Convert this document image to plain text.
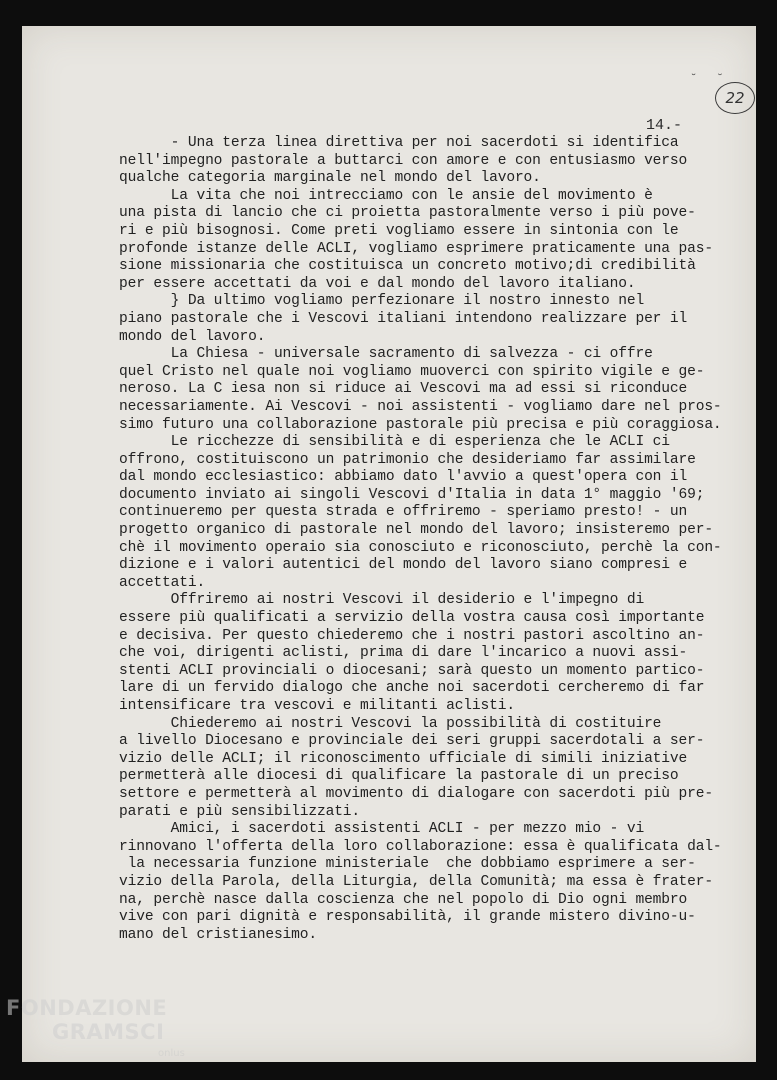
˘ ˘
22
14.-
- Una terza linea direttiva per noi sacerdoti si identifica
nell'impegno pastorale a buttarci con amore e con entusiasmo verso
qualche categoria marginale nel mondo del lavoro.
La vita che noi intrecciamo con le ansie del movimento è
una pista di lancio che ci proietta pastoralmente verso i più pove-
ri e più bisognosi. Come preti vogliamo essere in sintonia con le
profonde istanze delle ACLI, vogliamo esprimere praticamente una pas-
sione missionaria che costituisca un concreto motivo;di credibilità
per essere accettati da voi e dal mondo del lavoro italiano.
} Da ultimo vogliamo perfezionare il nostro innesto nel
piano pastorale che i Vescovi italiani intendono realizzare per il
mondo del lavoro.
La Chiesa - universale sacramento di salvezza - ci offre
quel Cristo nel quale noi vogliamo muoverci con spirito vigile e ge-
neroso. La C iesa non si riduce ai Vescovi ma ad essi si riconduce
necessariamente. Ai Vescovi - noi assistenti - vogliamo dare nel pros-
simo futuro una collaborazione pastorale più precisa e più coraggiosa.
Le ricchezze di sensibilità e di esperienza che le ACLI ci
offrono, costituiscono un patrimonio che desideriamo far assimilare
dal mondo ecclesiastico: abbiamo dato l'avvio a quest'opera con il
documento inviato ai singoli Vescovi d'Italia in data 1° maggio '69;
continueremo per questa strada e offriremo - speriamo presto! - un
progetto organico di pastorale nel mondo del lavoro; insisteremo per-
chè il movimento operaio sia conosciuto e riconosciuto, perchè la con-
dizione e i valori autentici del mondo del lavoro siano compresi e
accettati.
Offriremo ai nostri Vescovi il desiderio e l'impegno di
essere più qualificati a servizio della vostra causa così importante
e decisiva. Per questo chiederemo che i nostri pastori ascoltino an-
che voi, dirigenti aclisti, prima di dare l'incarico a nuovi assi-
stenti ACLI provinciali o diocesani; sarà questo un momento partico-
lare di un fervido dialogo che anche noi sacerdoti cercheremo di far
intensificare tra vescovi e militanti aclisti.
Chiederemo ai nostri Vescovi la possibilità di costituire
a livello Diocesano e provinciale dei seri gruppi sacerdotali a ser-
vizio delle ACLI; il riconoscimento ufficiale di simili iniziative
permetterà alle diocesi di qualificare la pastorale di un preciso
settore e permetterà al movimento di dialogare con sacerdoti più pre-
parati e più sensibilizzati.
Amici, i sacerdoti assistenti ACLI - per mezzo mio - vi
rinnovano l'offerta della loro collaborazione: essa è qualificata dal-
la necessaria funzione ministeriale  che dobbiamo esprimere a ser-
vizio della Parola, della Liturgia, della Comunità; ma essa è frater-
na, perchè nasce dalla coscienza che nel popolo di Dio ogni membro
vive con pari dignità e responsabilità, il grande mistero divino-u-
mano del cristianesimo.
FONDAZIONE
GRAMSCI
onlus
